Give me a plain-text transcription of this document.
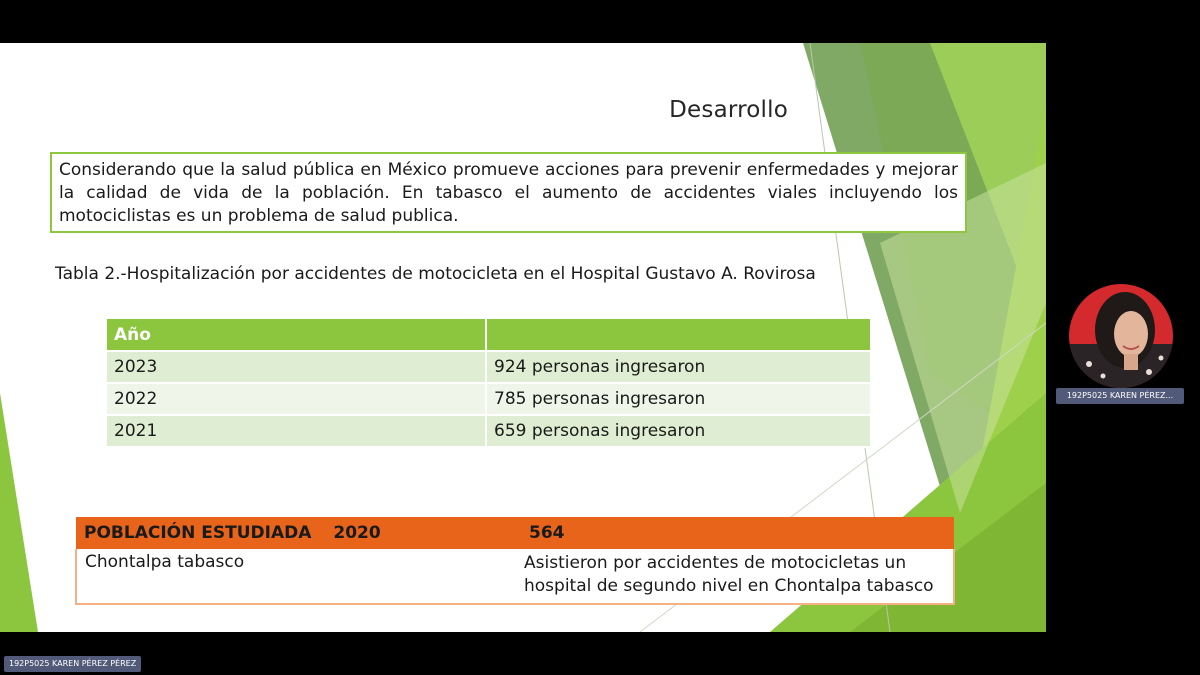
Desarrollo
Considerando que la salud pública en México promueve acciones para prevenir enfermedades y mejorar la calidad de vida de la población. En tabasco el aumento de accidentes viales incluyendo los motociclistas es un problema de salud publica.
Tabla 2.-Hospitalización por accidentes de motocicleta en el Hospital Gustavo A. Rovirosa
Año	
2023	924 personas ingresaron
2022	785 personas ingresaron
2021	659 personas ingresaron
POBLACIÓN ESTUDIADA 2020	564
Chontalpa tabasco	Asistieron por accidentes de motocicletas un hospital de segundo nivel en Chontalpa tabasco
192P5025 KAREN PÉREZ...
192P5025 KAREN PÉREZ PÉREZ
